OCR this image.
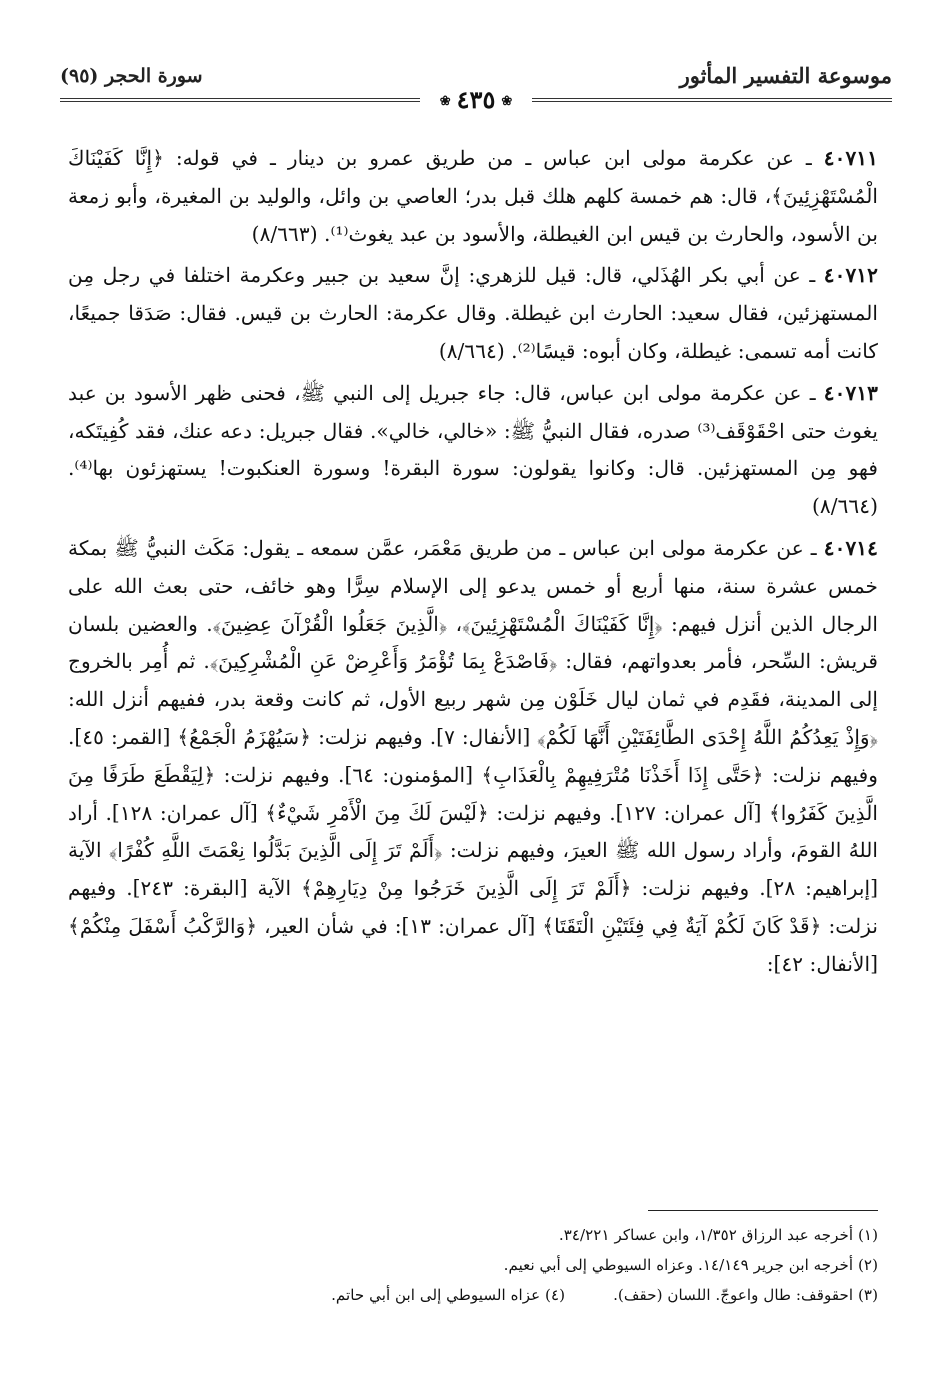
موسوعة التفسير المأثور
سورة الحجر (٩٥)
❀٤٣٥❀

٤٠٧١١ ـ عن عكرمة مولى ابن عباس ـ من طريق عمرو بن دينار ـ في قوله: ﴿إِنَّا كَفَيْنَاكَ الْمُسْتَهْزِئِينَ﴾، قال: هم خمسة كلهم هلك قبل بدر؛ العاصي بن وائل، والوليد بن المغيرة، وأبو زمعة بن الأسود، والحارث بن قيس ابن الغيطلة، والأسود بن عبد يغوث⁽¹⁾. (٨/٦٦٣)

٤٠٧١٢ ـ عن أبي بكر الهُذَلي، قال: قيل للزهري: إنَّ سعيد بن جبير وعكرمة اختلفا في رجل مِن المستهزئين، فقال سعيد: الحارث ابن غيطلة. وقال عكرمة: الحارث بن قيس. فقال: صَدَقا جميعًا، كانت أمه تسمى: غيطلة، وكان أبوه: قيسًا⁽²⁾. (٨/٦٦٤)

٤٠٧١٣ ـ عن عكرمة مولى ابن عباس، قال: جاء جبريل إلى النبي ﷺ، فحنى ظهر الأسود بن عبد يغوث حتى احْقَوْقَف⁽³⁾ صدره، فقال النبيُّ ﷺ: «خالي، خالي». فقال جبريل: دعه عنك، فقد كُفِيتَكه، فهو مِن المستهزئين. قال: وكانوا يقولون: سورة البقرة! وسورة العنكبوت! يستهزئون بها⁽⁴⁾. (٨/٦٦٤)

٤٠٧١٤ ـ عن عكرمة مولى ابن عباس ـ من طريق مَعْمَر، عمَّن سمعه ـ يقول: مَكَث النبيُّ ﷺ بمكة خمس عشرة سنة، منها أربع أو خمس يدعو إلى الإسلام سِرًّا وهو خائف، حتى بعث الله على الرجال الذين أنزل فيهم: ﴿إِنَّا كَفَيْنَاكَ الْمُسْتَهْزِئِينَ﴾، ﴿الَّذِينَ جَعَلُوا الْقُرْآنَ عِضِينَ﴾. والعضين بلسان قريش: السِّحر، فأمر بعدواتهم، فقال: ﴿فَاصْدَعْ بِمَا تُؤْمَرُ وَأَعْرِضْ عَنِ الْمُشْرِكِينَ﴾. ثم أُمِر بالخروج إلى المدينة، فقَدِم في ثمان ليال خَلَوْن مِن شهر ربيع الأول، ثم كانت وقعة بدر، ففيهم أنزل الله: ﴿وَإِذْ يَعِدُكُمُ اللَّهُ إِحْدَى الطَّائِفَتَيْنِ أَنَّهَا لَكُمْ﴾ [الأنفال: ٧]. وفيهم نزلت: ﴿سَيُهْزَمُ الْجَمْعُ﴾ [القمر: ٤٥]. وفيهم نزلت: ﴿حَتَّى إِذَا أَخَذْنَا مُتْرَفِيهِمْ بِالْعَذَابِ﴾ [المؤمنون: ٦٤]. وفيهم نزلت: ﴿لِيَقْطَعَ طَرَفًا مِنَ الَّذِينَ كَفَرُوا﴾ [آل عمران: ١٢٧]. وفيهم نزلت: ﴿لَيْسَ لَكَ مِنَ الْأَمْرِ شَيْءٌ﴾ [آل عمران: ١٢٨]. أراد اللهُ القومَ، وأراد رسول الله ﷺ العيرَ، وفيهم نزلت: ﴿أَلَمْ تَرَ إِلَى الَّذِينَ بَدَّلُوا نِعْمَتَ اللَّهِ كُفْرًا﴾ الآية [إبراهيم: ٢٨]. وفيهم نزلت: ﴿أَلَمْ تَرَ إِلَى الَّذِينَ خَرَجُوا مِنْ دِيَارِهِمْ﴾ الآية [البقرة: ٢٤٣]. وفيهم نزلت: ﴿قَدْ كَانَ لَكُمْ آيَةٌ فِي فِئَتَيْنِ الْتَقَتَا﴾ [آل عمران: ١٣]: في شأن العير، ﴿وَالرَّكْبُ أَسْفَلَ مِنْكُمْ﴾ [الأنفال: ٤٢]:

(١) أخرجه عبد الرزاق ١/٣٥٢، وابن عساكر ٣٤/٢٢١.
(٢) أخرجه ابن جرير ١٤/١٤٩. وعزاه السيوطي إلى أبي نعيم.
(٣) احقوقف: طال واعوجّ. اللسان (حقف).
(٤) عزاه السيوطي إلى ابن أبي حاتم.
